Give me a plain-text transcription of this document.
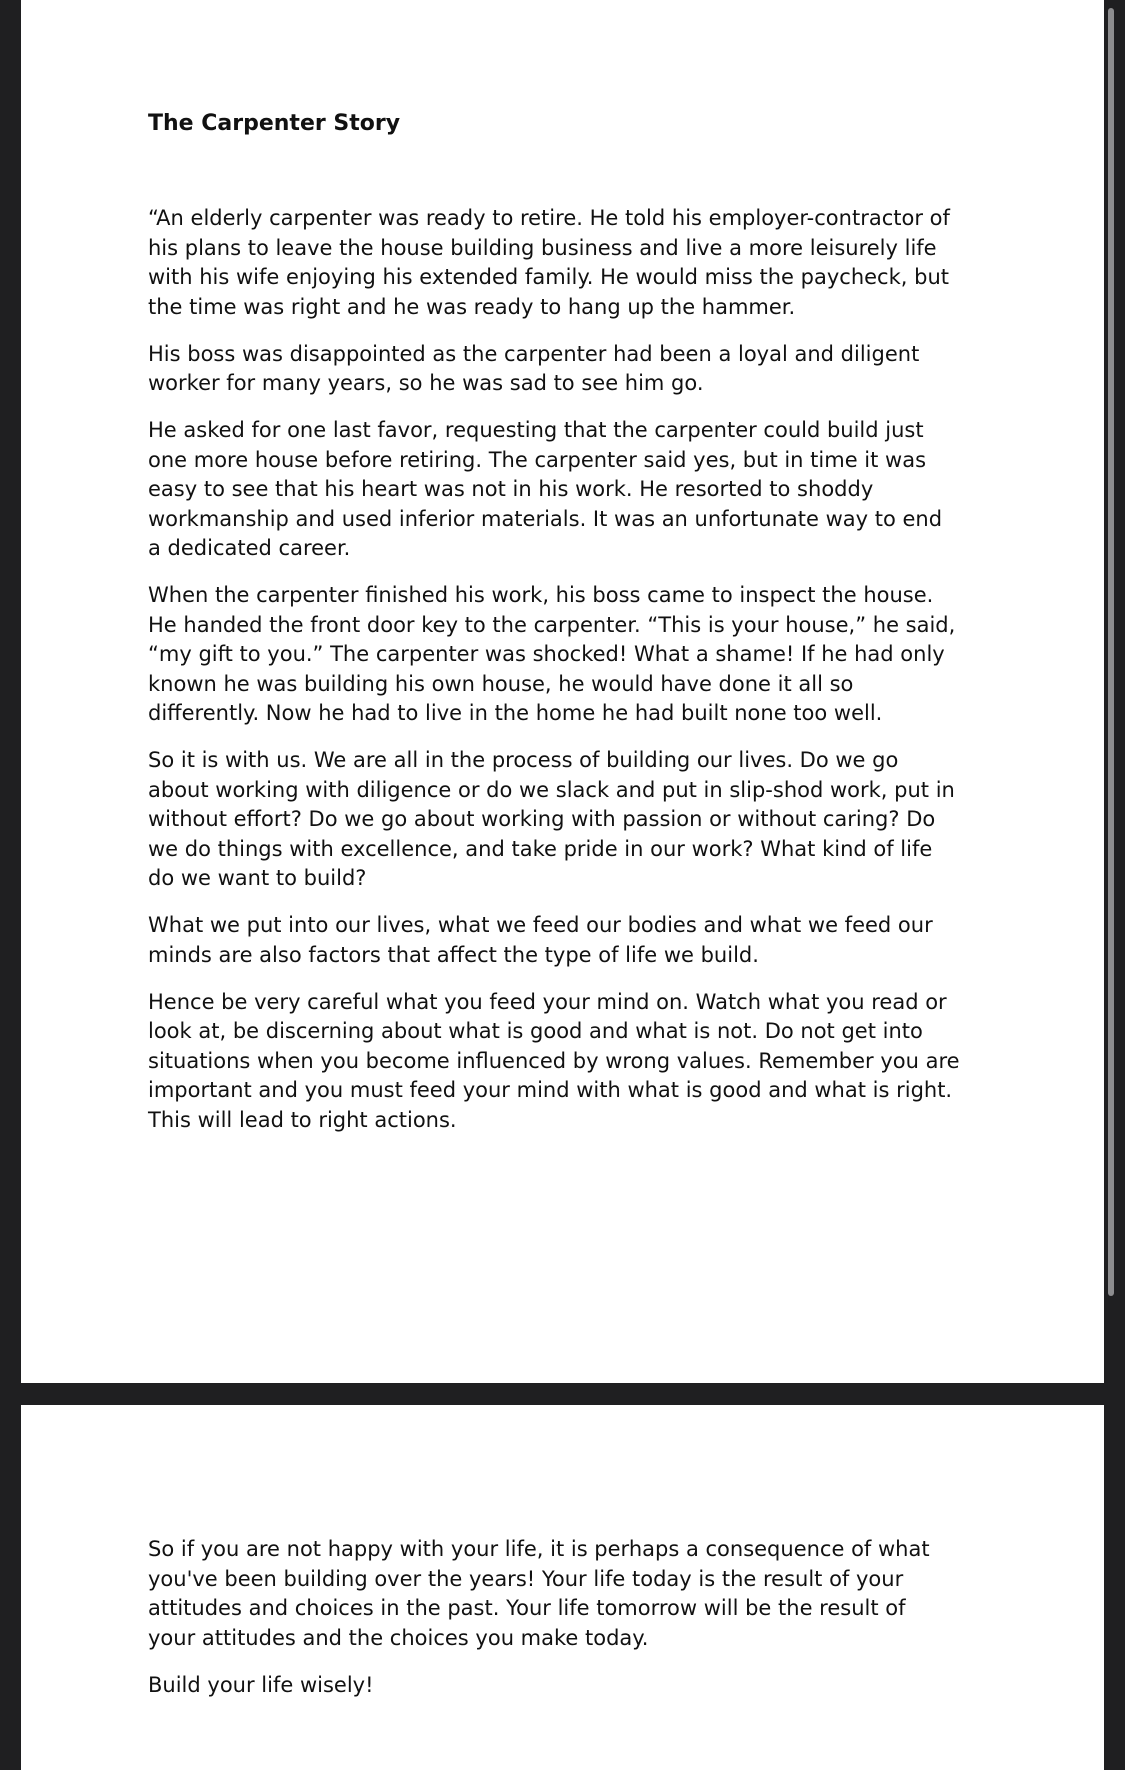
The Carpenter Story

“An elderly carpenter was ready to retire. He told his employer-contractor of
his plans to leave the house building business and live a more leisurely life
with his wife enjoying his extended family. He would miss the paycheck, but
the time was right and he was ready to hang up the hammer.

His boss was disappointed as the carpenter had been a loyal and diligent
worker for many years, so he was sad to see him go.

He asked for one last favor, requesting that the carpenter could build just
one more house before retiring. The carpenter said yes, but in time it was
easy to see that his heart was not in his work. He resorted to shoddy
workmanship and used inferior materials. It was an unfortunate way to end
a dedicated career.

When the carpenter finished his work, his boss came to inspect the house.
He handed the front door key to the carpenter. “This is your house,” he said,
“my gift to you.” The carpenter was shocked! What a shame! If he had only
known he was building his own house, he would have done it all so
differently. Now he had to live in the home he had built none too well.

So it is with us. We are all in the process of building our lives. Do we go
about working with diligence or do we slack and put in slip-shod work, put in
without effort? Do we go about working with passion or without caring? Do
we do things with excellence, and take pride in our work? What kind of life
do we want to build?

What we put into our lives, what we feed our bodies and what we feed our
minds are also factors that affect the type of life we build.

Hence be very careful what you feed your mind on. Watch what you read or
look at, be discerning about what is good and what is not. Do not get into
situations when you become influenced by wrong values. Remember you are
important and you must feed your mind with what is good and what is right.
This will lead to right actions.

So if you are not happy with your life, it is perhaps a consequence of what
you've been building over the years! Your life today is the result of your
attitudes and choices in the past. Your life tomorrow will be the result of
your attitudes and the choices you make today.

Build your life wisely!
